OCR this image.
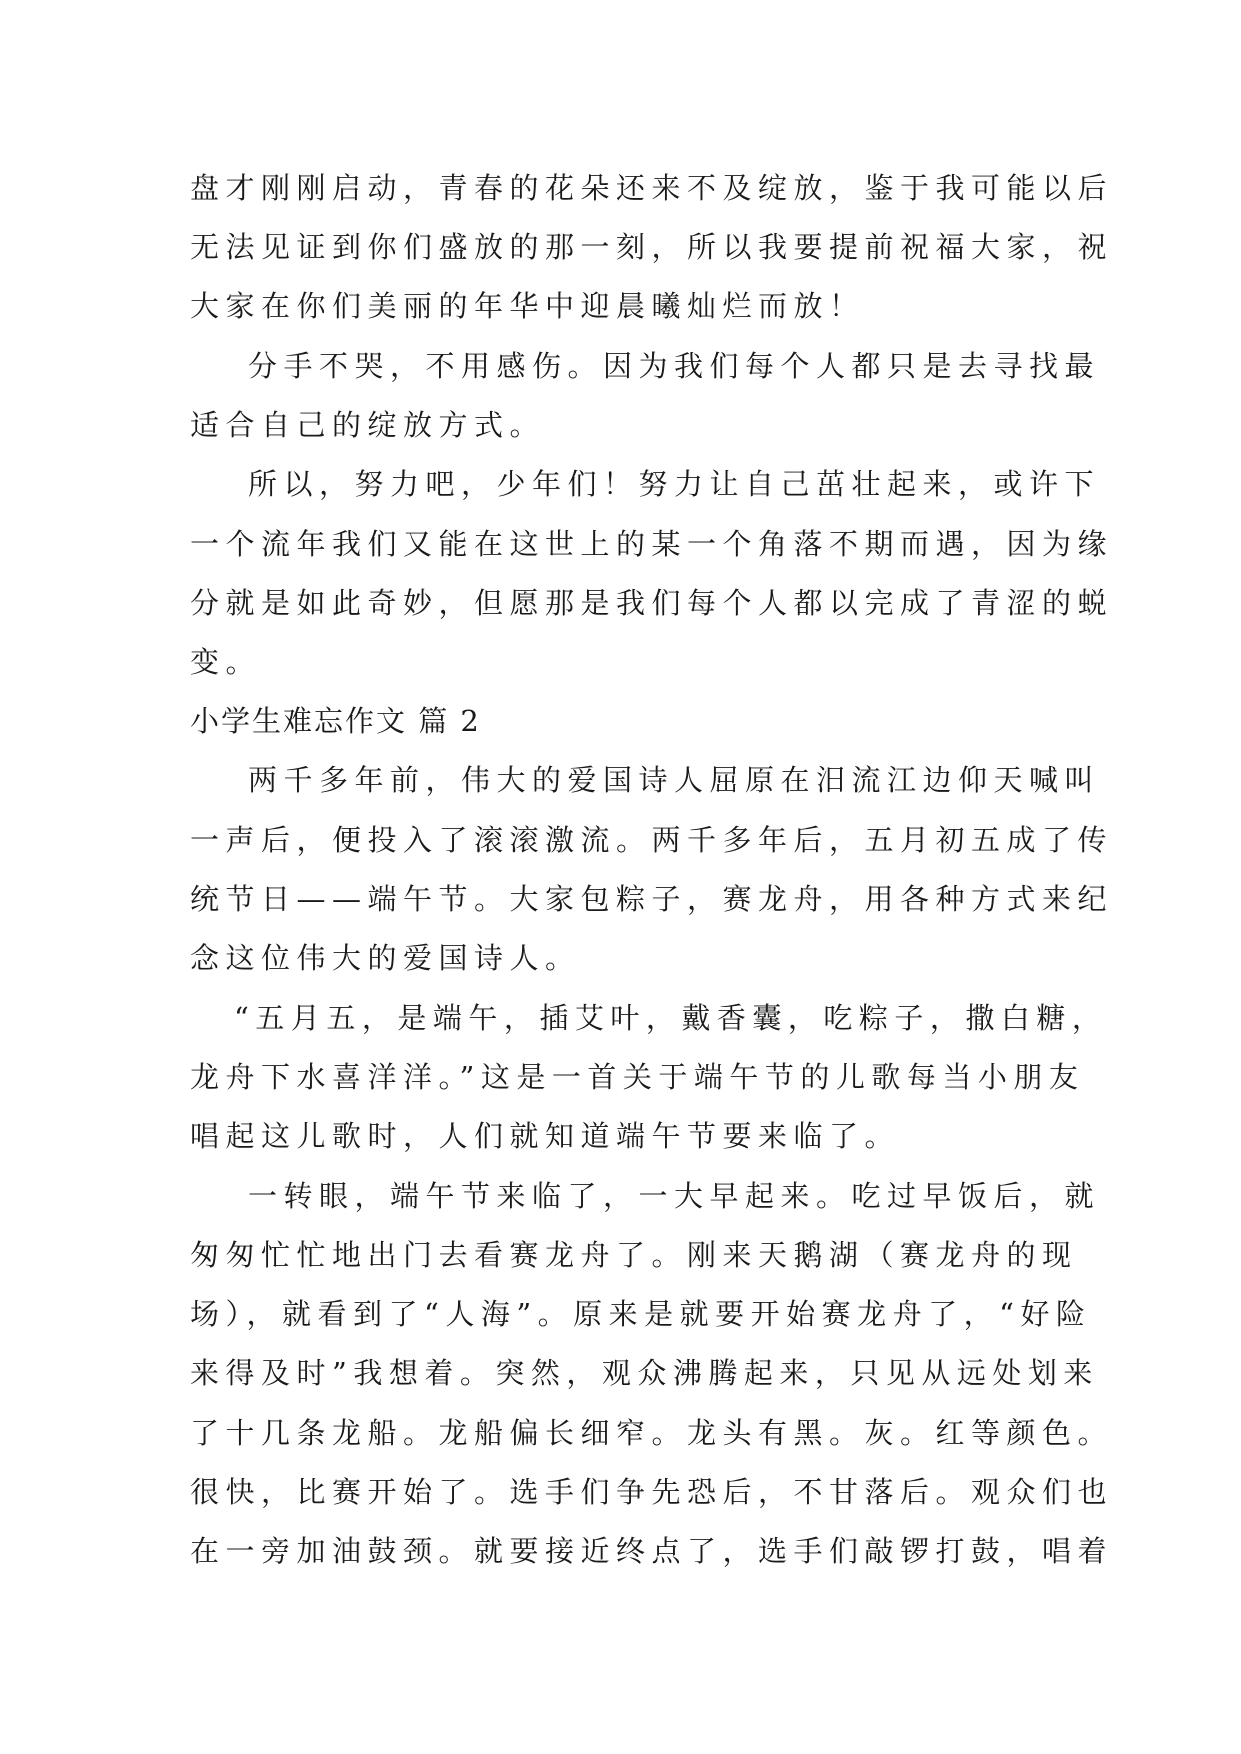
盘才刚刚启动，青春的花朵还来不及绽放，鉴于我可能以后
无法见证到你们盛放的那一刻，所以我要提前祝福大家，祝
大家在你们美丽的年华中迎晨曦灿烂而放！
分手不哭，不用感伤。因为我们每个人都只是去寻找最
适合自己的绽放方式。
所以，努力吧，少年们！努力让自己茁壮起来，或许下
一个流年我们又能在这世上的某一个角落不期而遇，因为缘
分就是如此奇妙，但愿那是我们每个人都以完成了青涩的蜕
变。
小学生难忘作文 篇 2
两千多年前，伟大的爱国诗人屈原在汨流江边仰天喊叫
一声后，便投入了滚滚激流。两千多年后，五月初五成了传
统节日——端午节。大家包粽子，赛龙舟，用各种方式来纪
念这位伟大的爱国诗人。
“五月五，是端午，插艾叶，戴香囊，吃粽子，撒白糖，
龙舟下水喜洋洋。”这是一首关于端午节的儿歌每当小朋友
唱起这儿歌时，人们就知道端午节要来临了。
一转眼，端午节来临了，一大早起来。吃过早饭后，就
匆匆忙忙地出门去看赛龙舟了。刚来天鹅湖（赛龙舟的现
场），就看到了“人海”。原来是就要开始赛龙舟了，“好险
来得及时”我想着。突然，观众沸腾起来，只见从远处划来
了十几条龙船。龙船偏长细窄。龙头有黑。灰。红等颜色。
很快，比赛开始了。选手们争先恐后，不甘落后。观众们也
在一旁加油鼓颈。就要接近终点了，选手们敲锣打鼓，唱着
